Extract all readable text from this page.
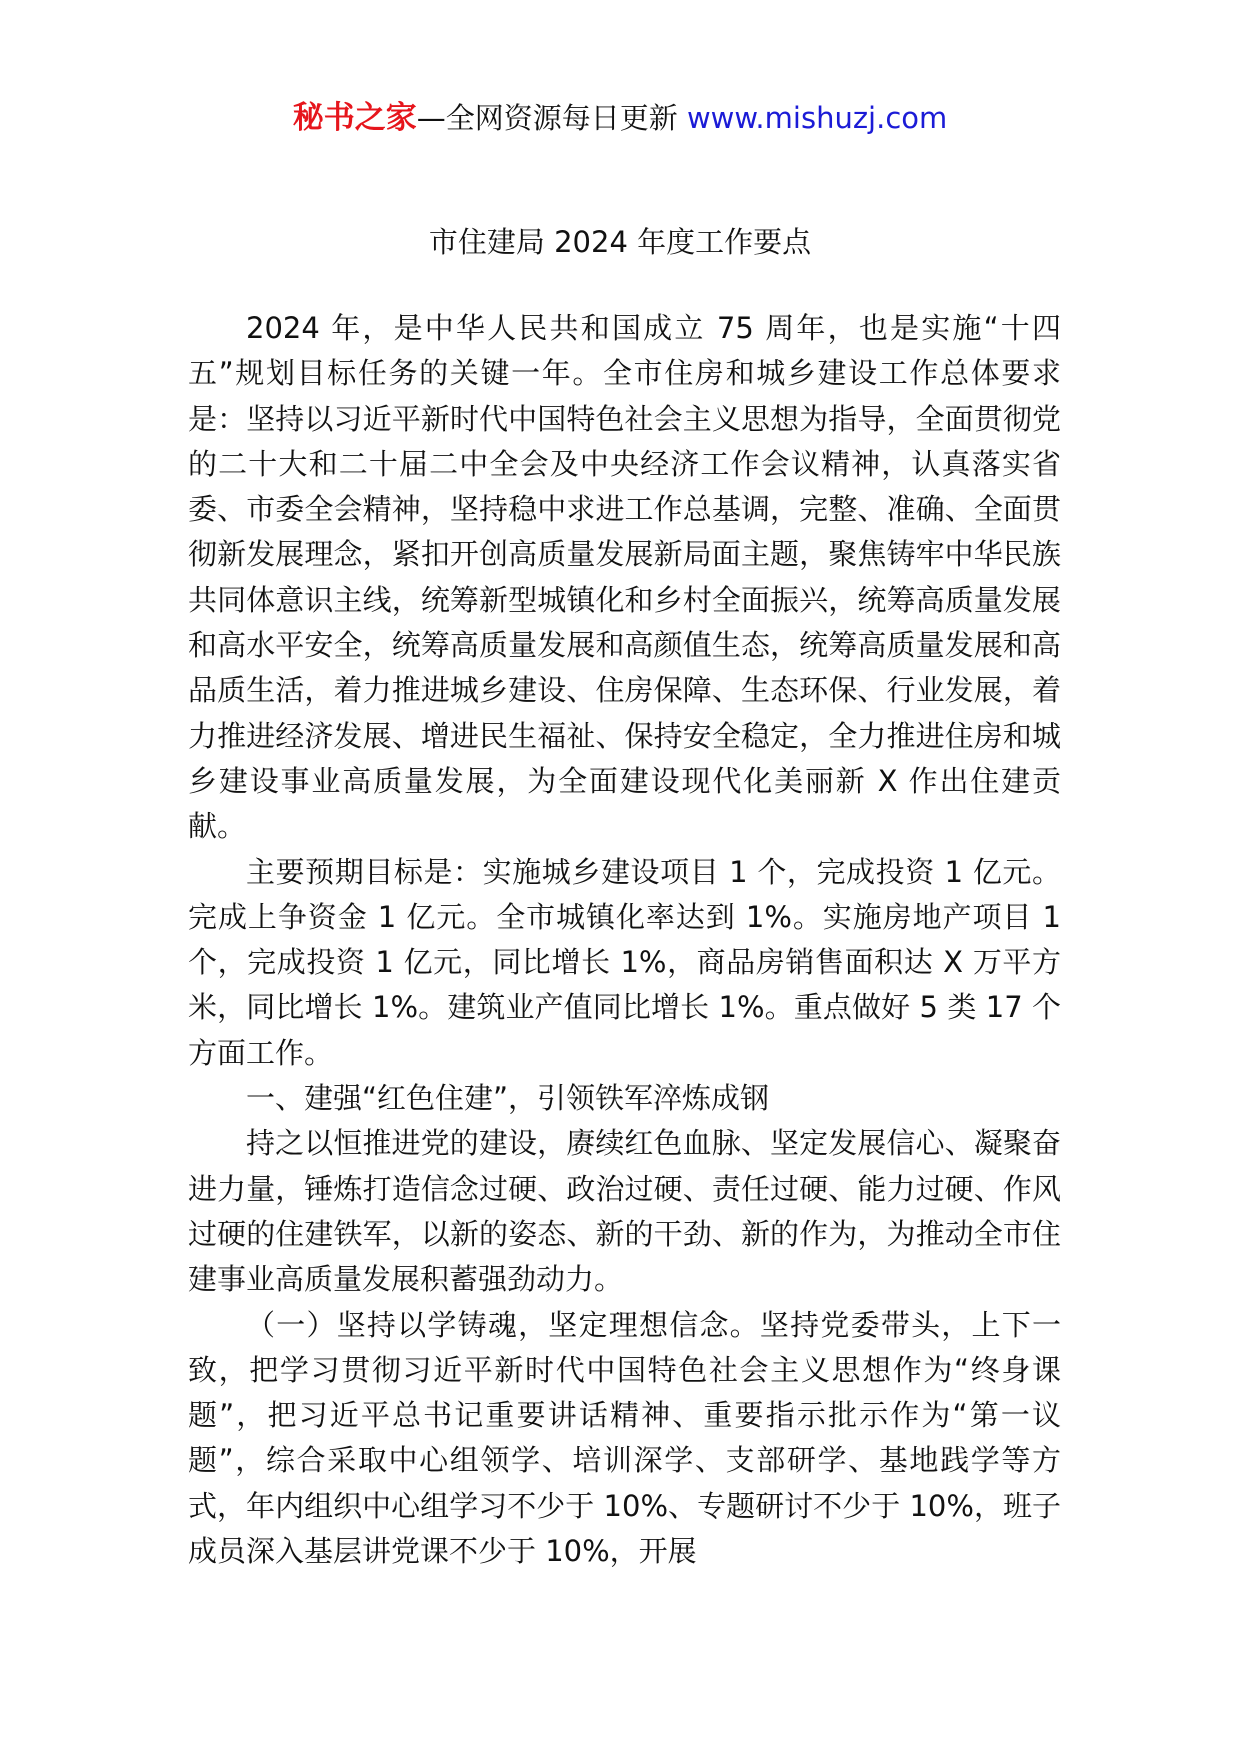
秘书之家—全网资源每日更新 www.mishuzj.com
市住建局 2024 年度工作要点

2024 年，是中华人民共和国成立 75 周年，也是实施“十四五”规划目标任务的关键一年。全市住房和城乡建设工作总体要求是：坚持以习近平新时代中国特色社会主义思想为指导，全面贯彻党的二十大和二十届二中全会及中央经济工作会议精神，认真落实省委、市委全会精神，坚持稳中求进工作总基调，完整、准确、全面贯彻新发展理念，紧扣开创高质量发展新局面主题，聚焦铸牢中华民族共同体意识主线，统筹新型城镇化和乡村全面振兴，统筹高质量发展和高水平安全，统筹高质量发展和高颜值生态，统筹高质量发展和高品质生活，着力推进城乡建设、住房保障、生态环保、行业发展，着力推进经济发展、增进民生福祉、保持安全稳定，全力推进住房和城乡建设事业高质量发展，为全面建设现代化美丽新 X 作出住建贡献。

主要预期目标是：实施城乡建设项目 1 个，完成投资 1 亿元。完成上争资金 1 亿元。全市城镇化率达到 1%。实施房地产项目 1 个，完成投资 1 亿元，同比增长 1%，商品房销售面积达 X 万平方米，同比增长 1%。建筑业产值同比增长 1%。重点做好 5 类 17 个方面工作。

一、建强“红色住建”，引领铁军淬炼成钢

持之以恒推进党的建设，赓续红色血脉、坚定发展信心、凝聚奋进力量，锤炼打造信念过硬、政治过硬、责任过硬、能力过硬、作风过硬的住建铁军，以新的姿态、新的干劲、新的作为，为推动全市住建事业高质量发展积蓄强劲动力。

（一）坚持以学铸魂，坚定理想信念。坚持党委带头，上下一致，把学习贯彻习近平新时代中国特色社会主义思想作为“终身课题”，把习近平总书记重要讲话精神、重要指示批示作为“第一议题”，综合采取中心组领学、培训深学、支部研学、基地践学等方式，年内组织中心组学习不少于 10%、专题研讨不少于 10%，班子成员深入基层讲党课不少于 10%，开展
